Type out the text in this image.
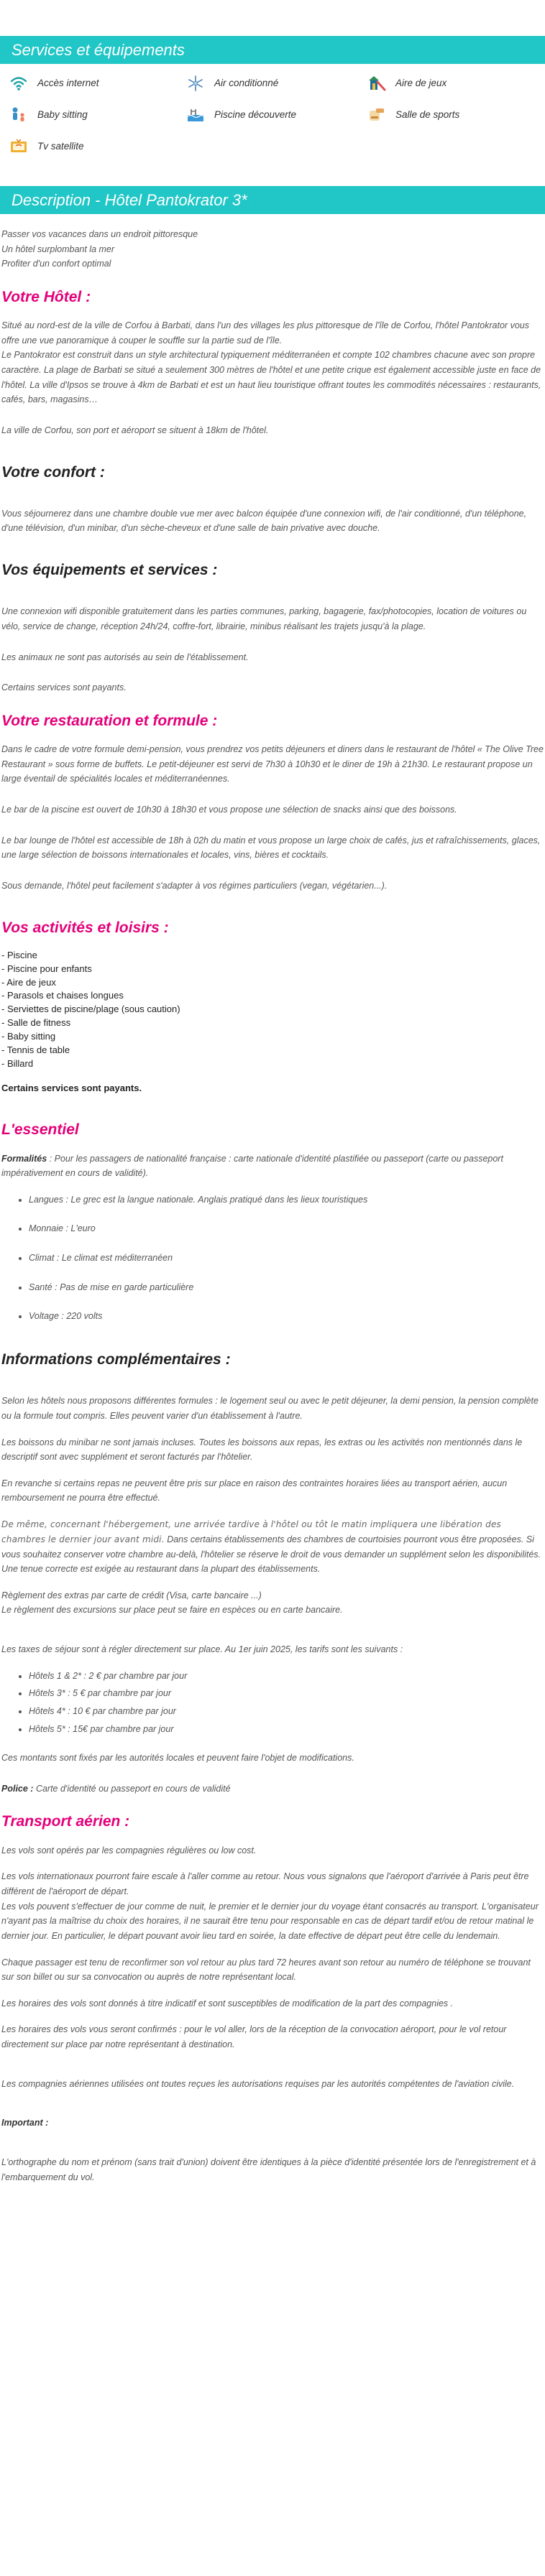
Services et équipements
Accès internet	Air conditionné	Aire de jeux
Baby sitting	Piscine découverte	Salle de sports
Tv satellite
Description - Hôtel Pantokrator 3*

Passer vos vacances dans un endroit pittoresque

Un hôtel surplombant la mer

Profiter d'un confort optimal

Votre Hôtel :

Situé au nord-est de la ville de Corfou à Barbati, dans l'un des villages les plus pittoresque de l'île de Corfou, l'hôtel Pantokrator vous offre une vue panoramique à couper le souffle sur la partie sud de l'île.

Le Pantokrator est construit dans un style architectural typiquement méditerranéen et compte 102 chambres chacune avec son propre caractère. La plage de Barbati se situé a seulement 300 mètres de l'hôtel et une petite crique est également accessible juste en face de l'hôtel. La ville d'Ipsos se trouve à 4km de Barbati et est un haut lieu touristique offrant toutes les commodités nécessaires : restaurants, cafés, bars, magasins…

La ville de Corfou, son port et aéroport se situent à 18km de l'hôtel.

Votre confort :

Vous séjournerez dans une chambre double vue mer avec balcon équipée d'une connexion wifi, de l'air conditionné, d'un téléphone, d'une télévision, d'un minibar, d'un sèche-cheveux et d'une salle de bain privative avec douche.

Vos équipements et services :

Une connexion wifi disponible gratuitement dans les parties communes, parking, bagagerie, fax/photocopies, location de voitures ou vélo, service de change, réception 24h/24, coffre-fort, librairie, minibus réalisant les trajets jusqu'à la plage.

Les animaux ne sont pas autorisés au sein de l'établissement.

Certains services sont payants.

Votre restauration et formule :

Dans le cadre de votre formule demi-pension, vous prendrez vos petits déjeuners et diners dans le restaurant de l'hôtel « The Olive Tree Restaurant » sous forme de buffets. Le petit-déjeuner est servi de 7h30 à 10h30 et le diner de 19h à 21h30. Le restaurant propose un large éventail de spécialités locales et méditerranéennes.

Le bar de la piscine est ouvert de 10h30 à 18h30 et vous propose une sélection de snacks ainsi que des boissons.

Le bar lounge de l'hôtel est accessible de 18h à 02h du matin et vous propose un large choix de cafés, jus et rafraîchissements, glaces, une large sélection de boissons internationales et locales, vins, bières et cocktails.

Sous demande, l'hôtel peut facilement s'adapter à vos régimes particuliers (vegan, végétarien...).

Vos activités et loisirs :
- Piscine
- Piscine pour enfants
- Aire de jeux
- Parasols et chaises longues
- Serviettes de piscine/plage (sous caution)
- Salle de fitness
- Baby sitting
- Tennis de table
- Billard

Certains services sont payants.

L'essentiel

Formalités : Pour les passagers de nationalité française : carte nationale d'identité plastifiée ou passeport (carte ou passeport impérativement en cours de validité).

• Langues : Le grec est la langue nationale. Anglais pratiqué dans les lieux touristiques
• Monnaie : L'euro
• Climat : Le climat est méditerranéen
• Santé : Pas de mise en garde particulière
• Voltage : 220 volts
Informations complémentaires :

Selon les hôtels nous proposons différentes formules : le logement seul ou avec le petit déjeuner, la demi pension, la pension complète ou la formule tout compris. Elles peuvent varier d'un établissement à l'autre.

Les boissons du minibar ne sont jamais incluses. Toutes les boissons aux repas, les extras ou les activités non mentionnés dans le descriptif sont avec supplément et seront facturés par l'hôtelier.

En revanche si certains repas ne peuvent être pris sur place en raison des contraintes horaires liées au transport aérien, aucun remboursement ne pourra être effectué.

De même, concernant l'hébergement, une arrivée tardive à l'hôtel ou tôt le matin impliquera une libération des chambres le dernier jour avant midi. Dans certains établissements des chambres de courtoisies pourront vous être proposées. Si vous souhaitez conserver votre chambre au-delà, l'hôtelier se réserve le droit de vous demander un supplément selon les disponibilités.

Une tenue correcte est exigée au restaurant dans la plupart des établissements.

Règlement des extras par carte de crédit (Visa, carte bancaire ...)

Le règlement des excursions sur place peut se faire en espèces ou en carte bancaire.

Les taxes de séjour sont à régler directement sur place. Au 1er juin 2025, les tarifs sont les suivants :

• Hôtels 1 & 2* : 2 € par chambre par jour
• Hôtels 3* : 5 € par chambre par jour
• Hôtels 4* : 10 € par chambre par jour
• Hôtels 5* : 15€ par chambre par jour

Ces montants sont fixés par les autorités locales et peuvent faire l'objet de modifications.

Police : Carte d'identité ou passeport en cours de validité

Transport aérien :

Les vols sont opérés par les compagnies régulières ou low cost.

Les vols internationaux pourront faire escale à l'aller comme au retour. Nous vous signalons que l'aéroport d'arrivée à Paris peut être différent de l'aéroport de départ.

Les vols pouvent s'effectuer de jour comme de nuit, le premier et le dernier jour du voyage étant consacrés au transport. L'organisateur n'ayant pas la maîtrise du choix des horaires, il ne saurait être tenu pour responsable en cas de départ tardif et/ou de retour matinal le dernier jour. En particulier, le départ pouvant avoir lieu tard en soirée, la date effective de départ peut être celle du lendemain.

Chaque passager est tenu de reconfirmer son vol retour au plus tard 72 heures avant son retour au numéro de téléphone se trouvant sur son billet ou sur sa convocation ou auprès de notre représentant local.

Les horaires des vols sont donnés à titre indicatif et sont susceptibles de modification de la part des compagnies .

Les horaires des vols vous seront confirmés : pour le vol aller, lors de la réception de la convocation aéroport, pour le vol retour directement sur place par notre représentant à destination.

Les compagnies aériennes utilisées ont toutes reçues les autorisations requises par les autorités compétentes de l'aviation civile.

Important :

L'orthographe du nom et prénom (sans trait d'union) doivent être identiques à la pièce d'identité présentée lors de l'enregistrement et à l'embarquement du vol.
